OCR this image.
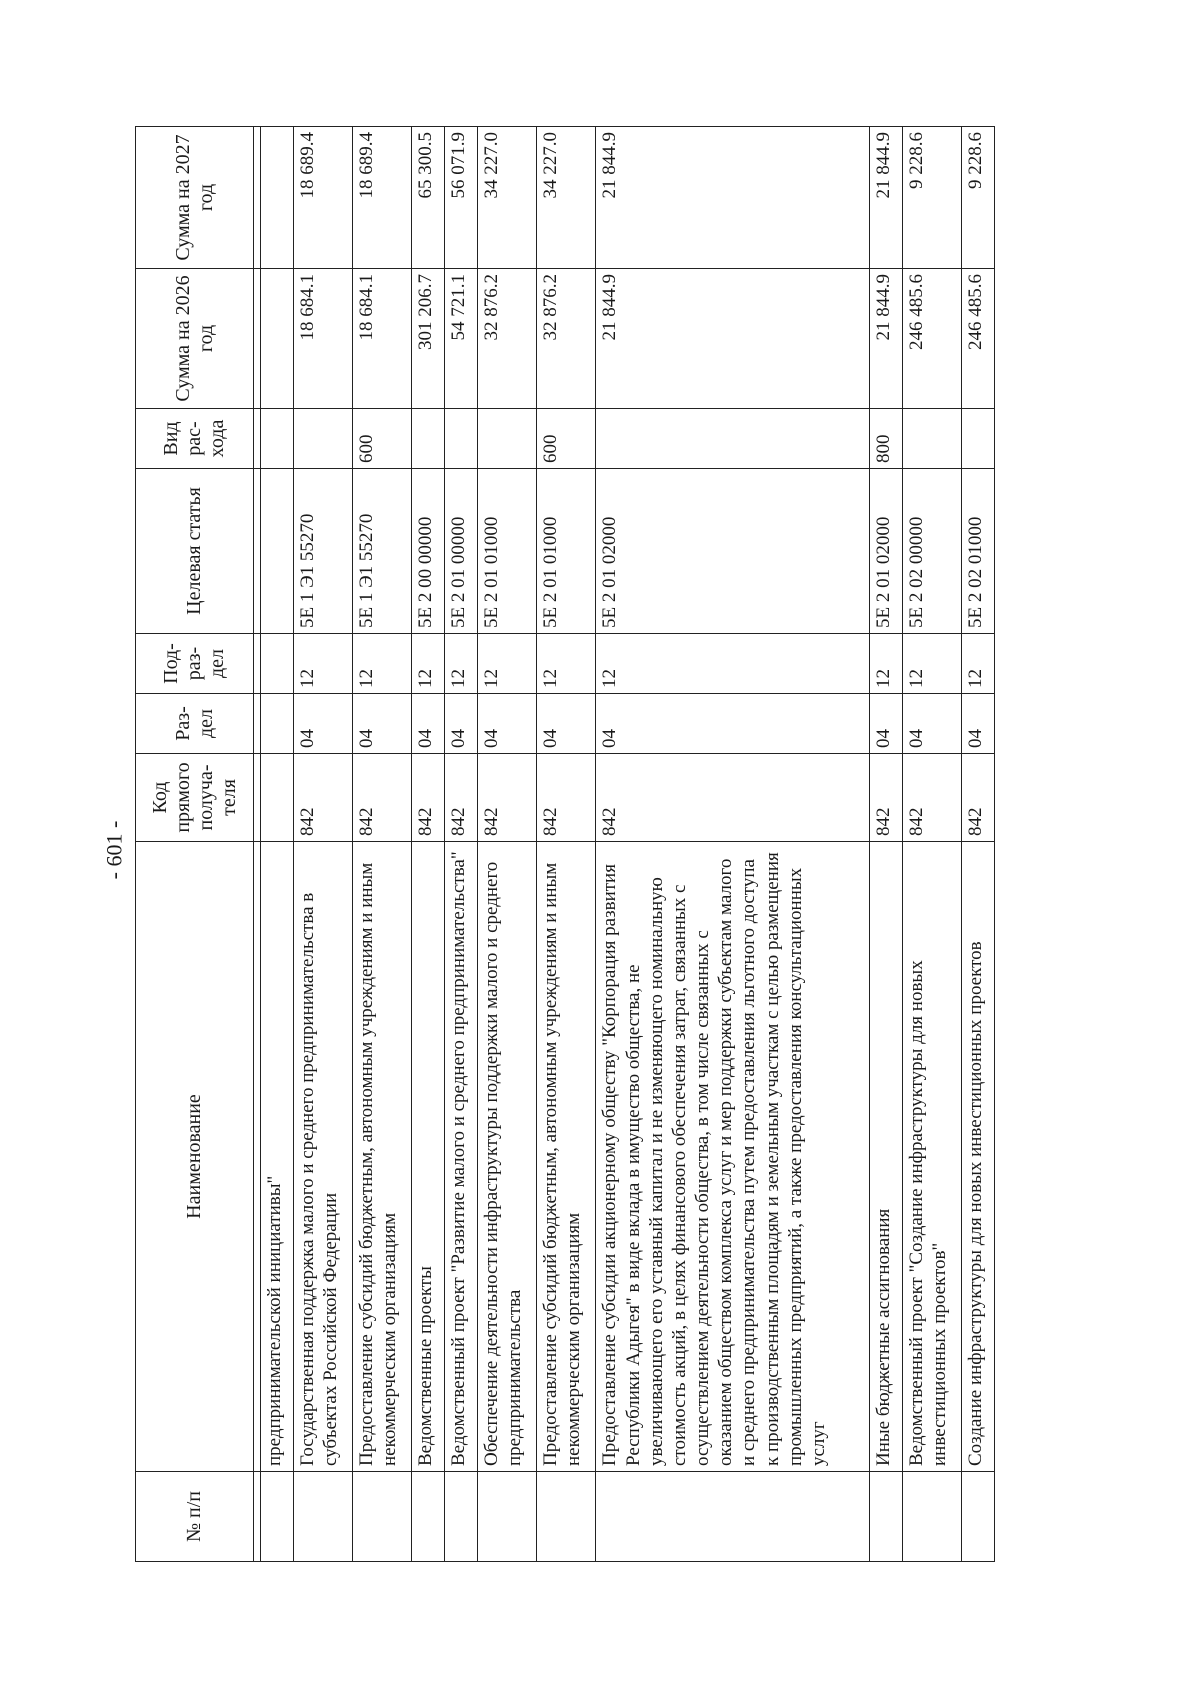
- 601 -
№ п/п	Наименование	Код прямого получа-теля	Раз-дел	Под-раз-дел	Целевая статья	Вид рас-хода	Сумма на 2026 год	Сумма на 2027 год

	предпринимательской инициативы"							
	Государственная поддержка малого и среднего предпринимательства в субъектах Российской Федерации	842	04	12	5Е 1 Э1 55270		18 684.1	18 689.4
	Предоставление субсидий бюджетным, автономным учреждениям и иным некоммерческим организациям	842	04	12	5Е 1 Э1 55270	600	18 684.1	18 689.4
	Ведомственные проекты	842	04	12	5Е 2 00 00000		301 206.7	65 300.5
	Ведомственный проект "Развитие малого и среднего предпринимательства"	842	04	12	5Е 2 01 00000		54 721.1	56 071.9
	Обеспечение деятельности инфраструктуры поддержки малого и среднего предпринимательства	842	04	12	5Е 2 01 01000		32 876.2	34 227.0
	Предоставление субсидий бюджетным, автономным учреждениям и иным некоммерческим организациям	842	04	12	5Е 2 01 01000	600	32 876.2	34 227.0
	Предоставление субсидии акционерному обществу "Корпорация развития Республики Адыгея" в виде вклада в имущество общества, не увеличивающего его уставный капитал и не изменяющего номинальную стоимость акций, в целях финансового обеспечения затрат, связанных с осуществлением деятельности общества, в том числе связанных с оказанием обществом комплекса услуг и мер поддержки субъектам малого и среднего предпринимательства путем предоставления льготного доступа к производственным площадям и земельным участкам с целью размещения промышленных предприятий, а также предоставления консультационных услуг	842	04	12	5Е 2 01 02000		21 844.9	21 844.9
	Иные бюджетные ассигнования	842	04	12	5Е 2 01 02000	800	21 844.9	21 844.9
	Ведомственный проект "Создание инфраструктуры для новых инвестиционных проектов"	842	04	12	5Е 2 02 00000		246 485.6	9 228.6
	Создание инфраструктуры для новых инвестиционных проектов	842	04	12	5Е 2 02 01000		246 485.6	9 228.6
